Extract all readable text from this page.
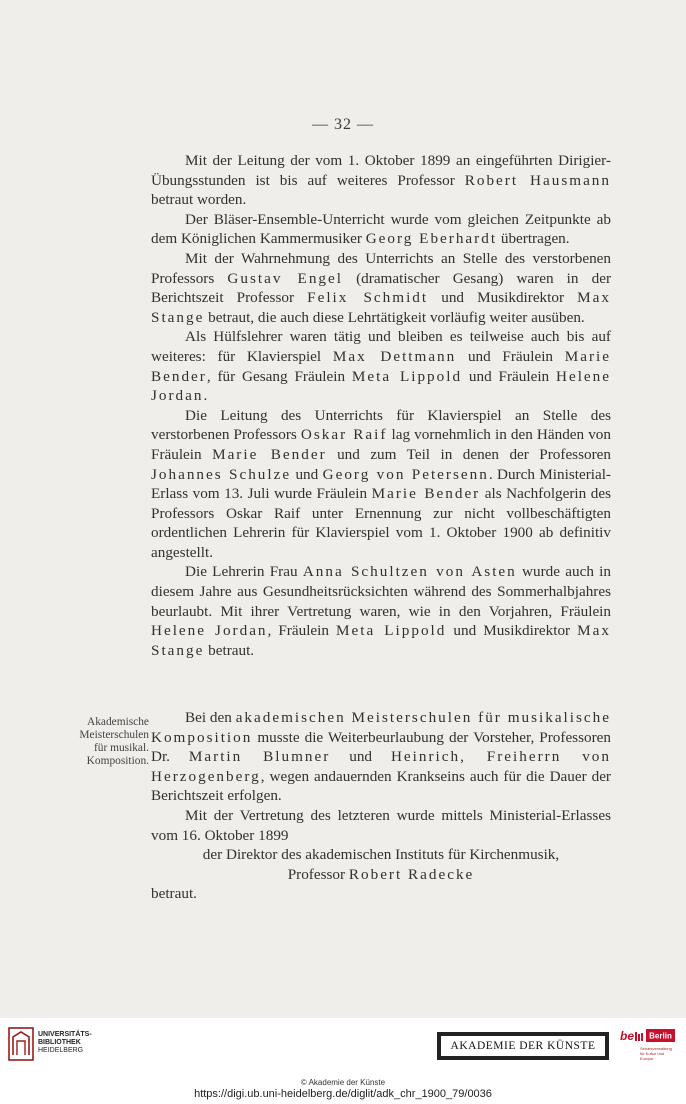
— 32 —

Mit der Leitung der vom 1. Oktober 1899 an eingeführten Dirigier-Übungsstunden ist bis auf weiteres Professor Robert Hausmann betraut worden.

Der Bläser-Ensemble-Unterricht wurde vom gleichen Zeitpunkte ab dem Königlichen Kammermusiker Georg Eberhardt übertragen.

Mit der Wahrnehmung des Unterrichts an Stelle des verstorbenen Professors Gustav Engel (dramatischer Gesang) waren in der Berichtszeit Professor Felix Schmidt und Musikdirektor Max Stange betraut, die auch diese Lehrtätigkeit vorläufig weiter ausüben.

Als Hülfslehrer waren tätig und bleiben es teilweise auch bis auf weiteres: für Klavierspiel Max Dettmann und Fräulein Marie Bender, für Gesang Fräulein Meta Lippold und Fräulein Helene Jordan.

Die Leitung des Unterrichts für Klavierspiel an Stelle des verstorbenen Professors Oskar Raif lag vornehmlich in den Händen von Fräulein Marie Bender und zum Teil in denen der Professoren Johannes Schulze und Georg von Petersenn. Durch Ministerial-Erlass vom 13. Juli wurde Fräulein Marie Bender als Nachfolgerin des Professors Oskar Raif unter Ernennung zur nicht vollbeschäftigten ordentlichen Lehrerin für Klavierspiel vom 1. Oktober 1900 ab definitiv angestellt.

Die Lehrerin Frau Anna Schultzen von Asten wurde auch in diesem Jahre aus Gesundheitsrücksichten während des Sommerhalbjahres beurlaubt. Mit ihrer Vertretung waren, wie in den Vorjahren, Fräulein Helene Jordan, Fräulein Meta Lippold und Musikdirektor Max Stange betraut.

Akademische
Meisterschulen
für musikal.
Komposition.

Bei den akademischen Meisterschulen für musikalische Komposition musste die Weiterbeurlaubung der Vorsteher, Professoren Dr. Martin Blumner und Heinrich, Freiherrn von Herzogenberg, wegen andauernden Krankseins auch für die Dauer der Berichtszeit erfolgen.

Mit der Vertretung des letzteren wurde mittels Ministerial-Erlasses vom 16. Oktober 1899

der Direktor des akademischen Instituts für Kirchenmusik,

Professor Robert Radecke

betraut.

UNIVERSITÄTS-
BIBLIOTHEK
HEIDELBERG	AKADEMIE DER KÜNSTE
be Berlin
Senatsverwaltung für Kultur und Europa
© Akademie der Künste
https://digi.ub.uni-heidelberg.de/diglit/adk_chr_1900_79/0036
